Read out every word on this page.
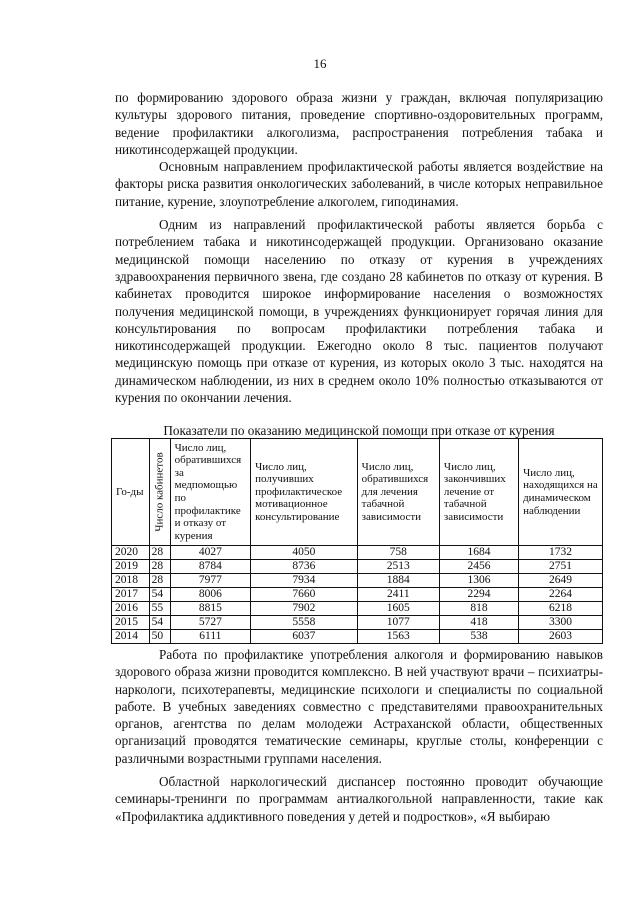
16

по формированию здорового образа жизни у граждан, включая популяризацию культуры здорового питания, проведение спортивно-оздоровительных программ, ведение профилактики алкоголизма, распространения потребления табака и никотинсодержащей продукции.

Основным направлением профилактической работы является воздействие на факторы риска развития онкологических заболеваний, в числе которых неправильное питание, курение, злоупотребление алкоголем, гиподинамия.

Одним из направлений профилактической работы является борьба с потреблением табака и никотинсодержащей продукции. Организовано оказание медицинской помощи населению по отказу от курения в учреждениях здравоохранения первичного звена, где создано 28 кабинетов по отказу от курения. В кабинетах проводится широкое информирование населения о возможностях получения медицинской помощи, в учреждениях функционирует горячая линия для консультирования по вопросам профилактики потребления табака и никотинсодержащей продукции. Ежегодно около 8 тыс. пациентов получают медицинскую помощь при отказе от курения, из которых около 3 тыс. находятся на динамическом наблюдении, из них в среднем около 10% полностью отказываются от курения по окончании лечения.

Показатели по оказанию медицинской помощи при отказе от курения
Го-ды	Число кабинетов	Число лиц, обратившихся за медпомощью по профилактике и отказу от курения	Число лиц, получивших профилактическое мотивационное консультирование	Число лиц, обратившихся для лечения табачной зависимости	Число лиц, закончивших лечение от табачной зависимости	Число лиц, находящихся на динамическом наблюдении
2020	28	4027	4050	758	1684	1732
2019	28	8784	8736	2513	2456	2751
2018	28	7977	7934	1884	1306	2649
2017	54	8006	7660	2411	2294	2264
2016	55	8815	7902	1605	818	6218
2015	54	5727	5558	1077	418	3300
2014	50	6111	6037	1563	538	2603

Работа по профилактике употребления алкоголя и формированию навыков здорового образа жизни проводится комплексно. В ней участвуют врачи – психиатры-наркологи, психотерапевты, медицинские психологи и специалисты по социальной работе. В учебных заведениях совместно с представителями правоохранительных органов, агентства по делам молодежи Астраханской области, общественных организаций проводятся тематические семинары, круглые столы, конференции с различными возрастными группами населения.

Областной наркологический диспансер постоянно проводит обучающие семинары-тренинги по программам антиалкогольной направленности, такие как «Профилактика аддиктивного поведения у детей и подростков», «Я выбираю
